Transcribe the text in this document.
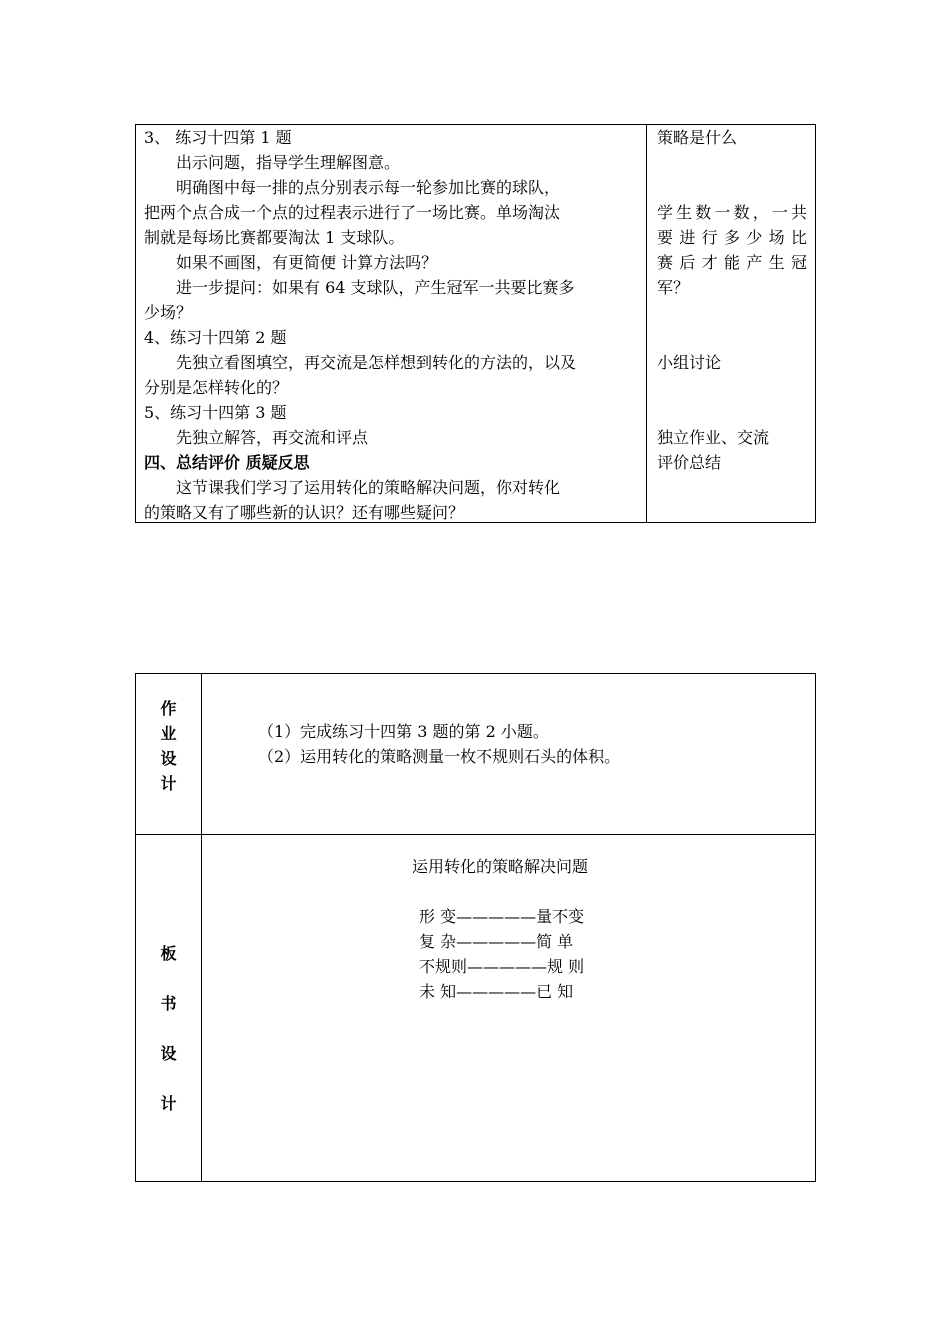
3、 练习十四第 1 题
出示问题，指导学生理解图意。
明确图中每一排的点分别表示每一轮参加比赛的球队，
把两个点合成一个点的过程表示进行了一场比赛。单场淘汰
制就是每场比赛都要淘汰 1 支球队。
如果不画图，有更简便 计算方法吗？
进一步提问：如果有 64 支球队，产生冠军一共要比赛多
少场？
4、练习十四第 2 题
先独立看图填空，再交流是怎样想到转化的方法的，以及
分别是怎样转化的？
5、练习十四第 3 题
先独立解答，再交流和评点
四、总结评价 质疑反思
这节课我们学习了运用转化的策略解决问题，你对转化
的策略又有了哪些新的认识？还有哪些疑问？
策略是什么
学生数一数，一共
要进行多少场比
赛后才能产生冠
军？
小组讨论
独立作业、交流
评价总结
作
业
设
计
（1）完成练习十四第 3 题的第 2 小题。
（2）运用转化的策略测量一枚不规则石头的体积。
板
书
设
计
运用转化的策略解决问题
形 变—————量不变
复 杂—————简 单
不规则—————规 则
未 知—————已 知
